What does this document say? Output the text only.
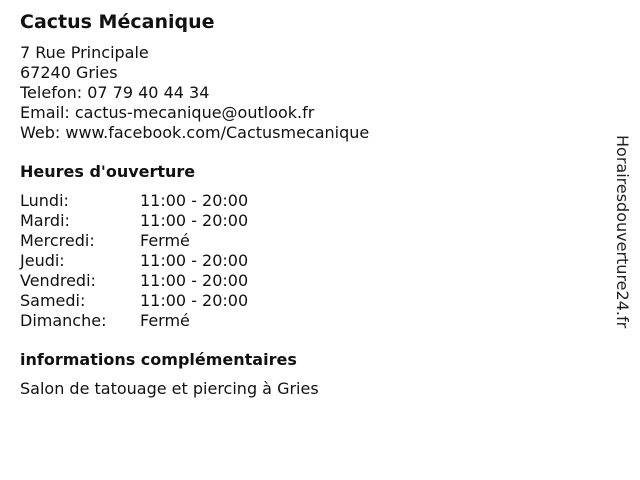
Cactus Mécanique
7 Rue Principale
67240 Gries
Telefon: 07 79 40 44 34
Email: cactus-mecanique@outlook.fr
Web: www.facebook.com/Cactusmecanique
Heures d'ouverture
Lundi:	11:00 - 20:00
Mardi:	11:00 - 20:00
Mercredi:	Fermé
Jeudi:	11:00 - 20:00
Vendredi:	11:00 - 20:00
Samedi:	11:00 - 20:00
Dimanche:	Fermé
informations complémentaires
Salon de tatouage et piercing à Gries
Horairesdouverture24.fr
